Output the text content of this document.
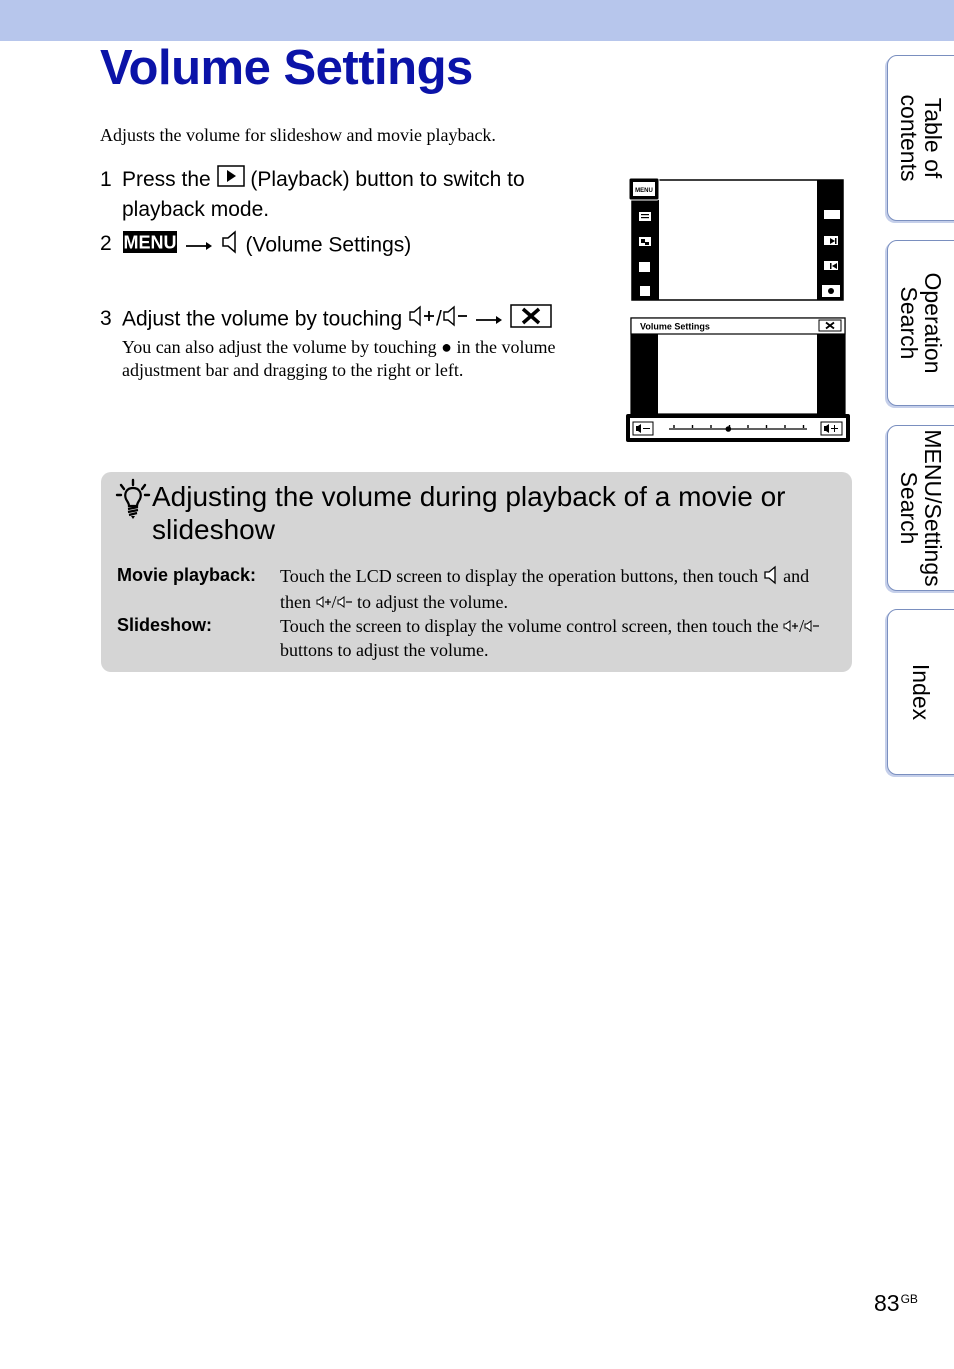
Volume Settings
Adjusts the volume for slideshow and movie playback.
1 Press the (Playback) button to switch to playback mode.
2 MENU	(Volume Settings)
3 Adjust the volume by touching /
You can also adjust the volume by touching ● in the volume adjustment bar and dragging to the right or left.
MENU
Volume Settings
Adjusting the volume during playback of a movie or slideshow
Movie playback: Touch the LCD screen to display the operation buttons, then touch and then / to adjust the volume.
Slideshow:	Touch the screen to display the volume control screen, then touch the / buttons to adjust the volume.
Table of
contents
Operation
Search
MENU/Settings
Search
Index
$83^{GB}$
